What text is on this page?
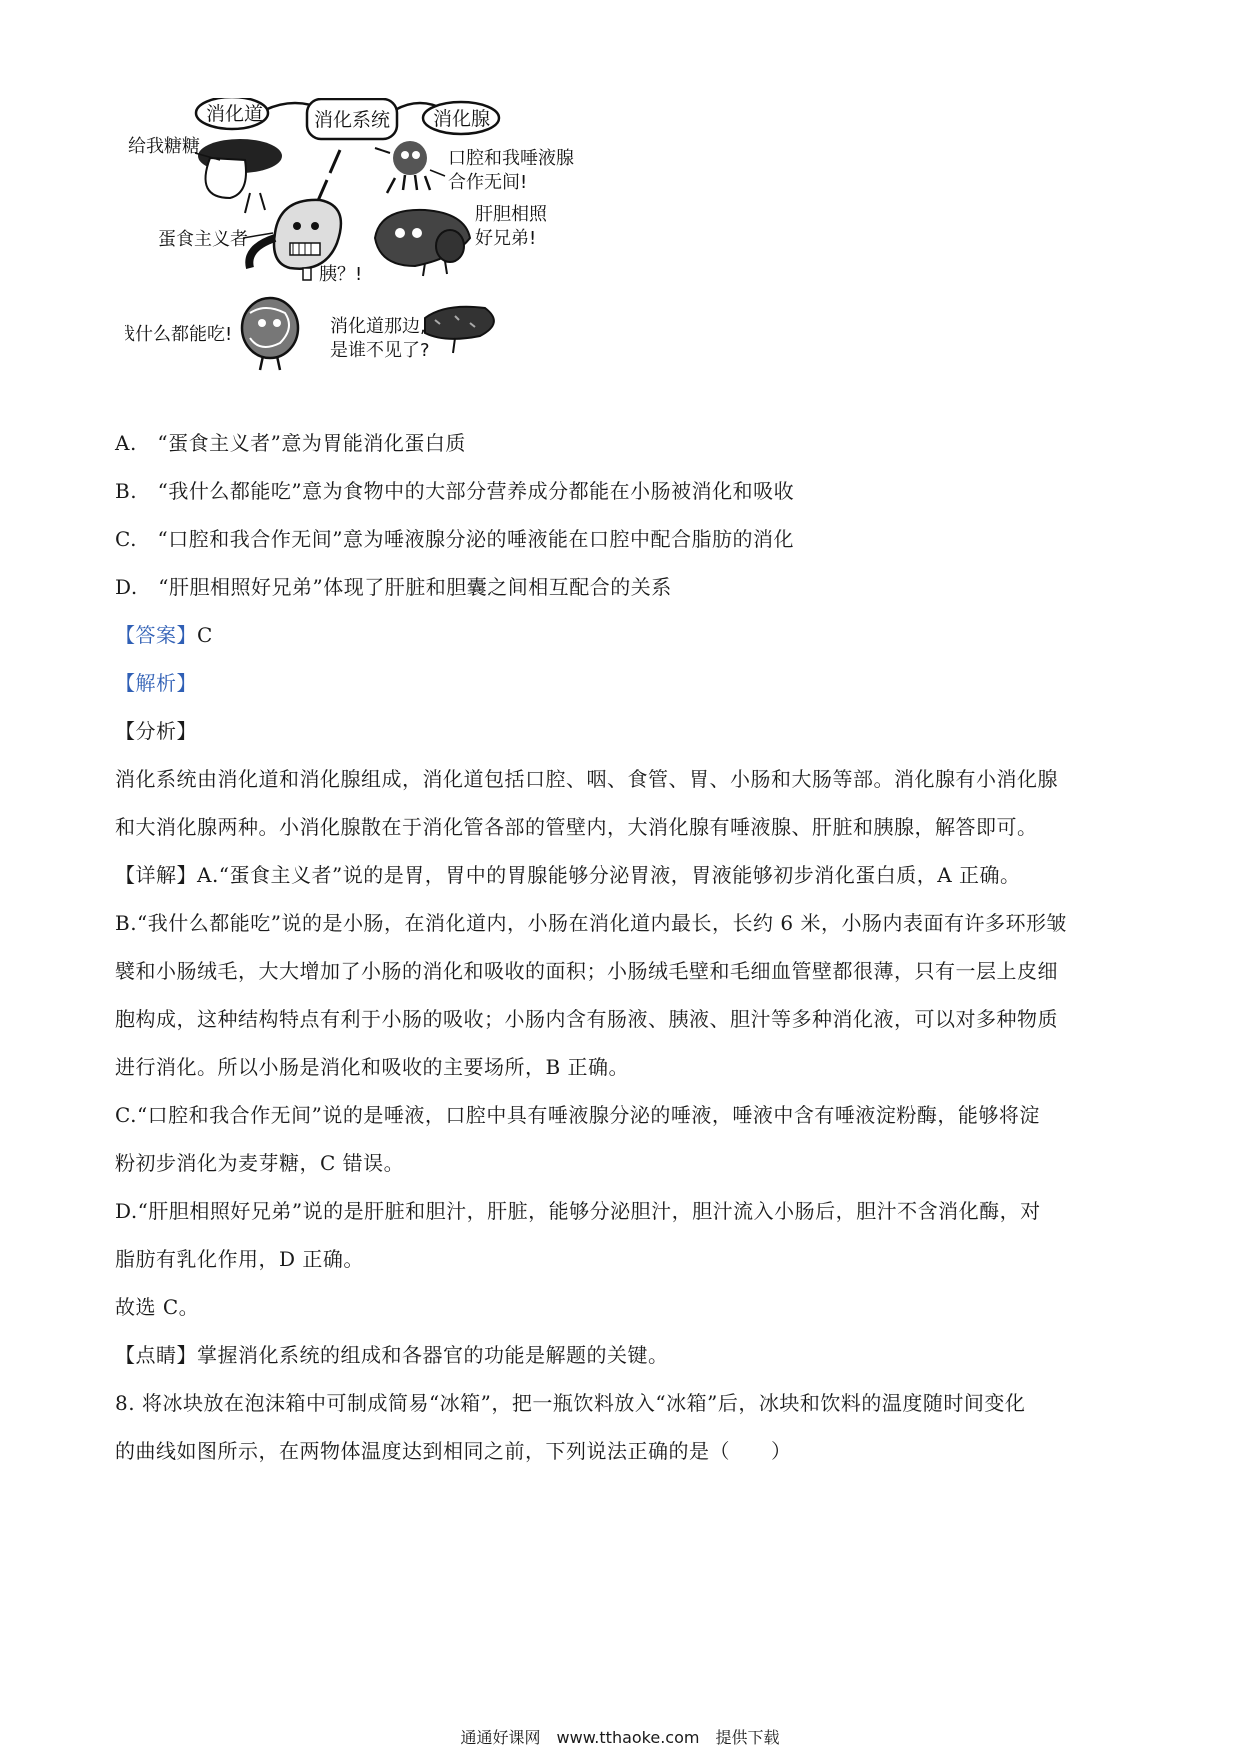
消化道	消化系统 消化腺
给我糖糖
口腔和我唾液腺
合作无间!
蛋食主义者
胰？!
肝胆相照
好兄弟!
我什么都能吃!	消化道那边,
是谁不见了?
A. “蛋食主义者”意为胃能消化蛋白质
B. “我什么都能吃”意为食物中的大部分营养成分都能在小肠被消化和吸收
C. “口腔和我合作无间”意为唾液腺分泌的唾液能在口腔中配合脂肪的消化
D. “肝胆相照好兄弟”体现了肝脏和胆囊之间相互配合的关系
【答案】C
【解析】
【分析】
消化系统由消化道和消化腺组成，消化道包括口腔、咽、食管、胃、小肠和大肠等部。消化腺有小消化腺
和大消化腺两种。小消化腺散在于消化管各部的管壁内，大消化腺有唾液腺、肝脏和胰腺，解答即可。
【详解】A.“蛋食主义者”说的是胃，胃中的胃腺能够分泌胃液，胃液能够初步消化蛋白质，A 正确。
B.“我什么都能吃”说的是小肠，在消化道内，小肠在消化道内最长，长约 6 米，小肠内表面有许多环形皱
襞和小肠绒毛，大大增加了小肠的消化和吸收的面积；小肠绒毛壁和毛细血管壁都很薄，只有一层上皮细
胞构成，这种结构特点有利于小肠的吸收；小肠内含有肠液、胰液、胆汁等多种消化液，可以对多种物质
进行消化。所以小肠是消化和吸收的主要场所，B 正确。
C.“口腔和我合作无间”说的是唾液，口腔中具有唾液腺分泌的唾液，唾液中含有唾液淀粉酶，能够将淀
粉初步消化为麦芽糖，C 错误。
D.“肝胆相照好兄弟”说的是肝脏和胆汁，肝脏，能够分泌胆汁，胆汁流入小肠后，胆汁不含消化酶，对
脂肪有乳化作用，D 正确。
故选 C。
【点睛】掌握消化系统的组成和各器官的功能是解题的关键。
8. 将冰块放在泡沫箱中可制成简易“冰箱”，把一瓶饮料放入“冰箱”后，冰块和饮料的温度随时间变化
的曲线如图所示，在两物体温度达到相同之前，下列说法正确的是（　　）
通通好课网　www.tthaoke.com　提供下载
